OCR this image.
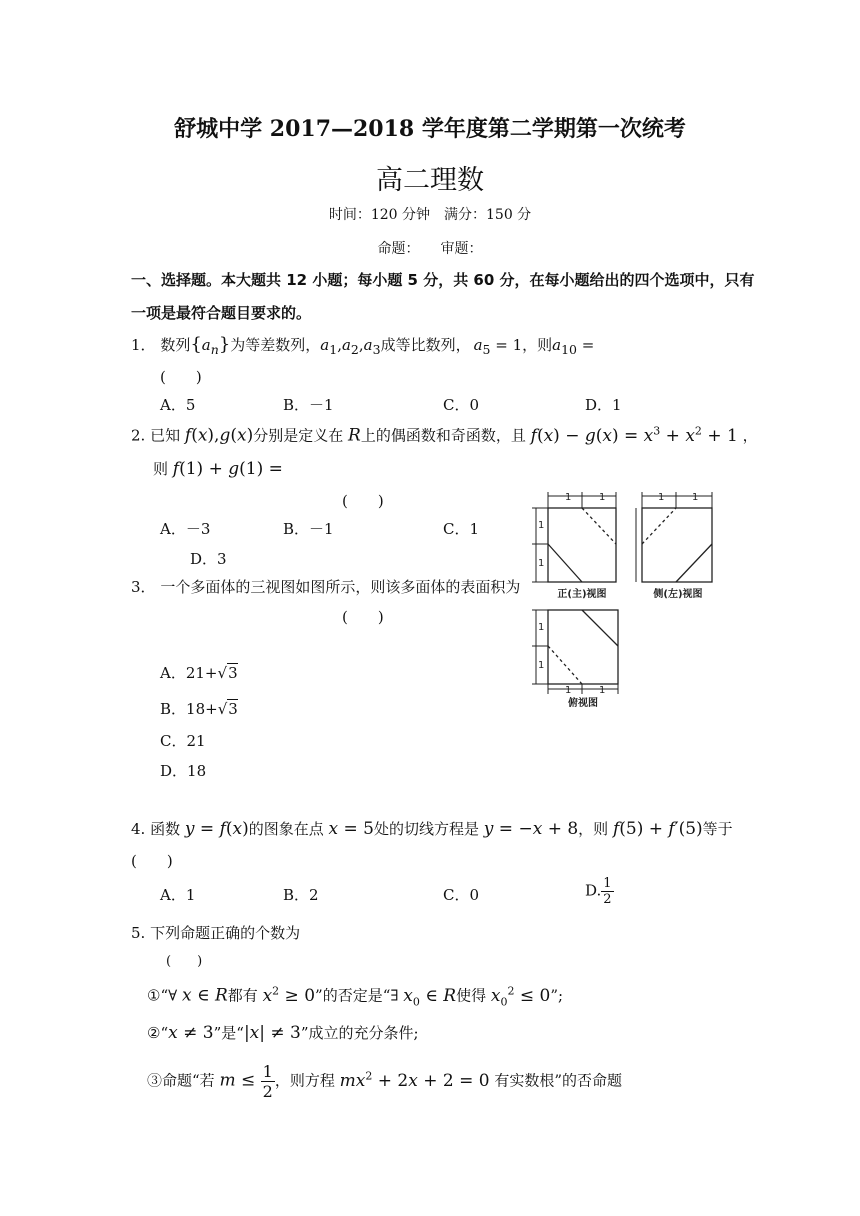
舒城中学 2017—2018 学年度第二学期第一次统考
高二理数
时间：120 分钟　满分：150 分
命题：　　审题：
一、选择题。本大题共 12 小题；每小题 5 分，共 60 分，在每小题给出的四个选项中，只有
一项是最符合题目要求的。
1． 数列$\{a_n\}$为等差数列，$a_1,a_2,a_3$成等比数列，  $a_5 = 1$，则$a_{10}$ =
(　　)
A．5	B．－1	C．0	D．1
2. 已知 f(x),g(x)分别是定义在 R上的偶函数和奇函数，且 $f(x) - g(x) = x^3 + x^2 + 1$ ，
则 f(1) + g(1) =
(　　)
A．－3	B．－1	C．1
D．3
3． 一个多面体的三视图如图所示，则该多面体的表面积为
(　　)
A．21+√3
B．18+√3
C．21
D．18
1	1
1
1
正(主)视图
1	1
侧(左)视图
1
1
1	1
俯视图
4. 函数 y = f(x)的图象在点 x = 5处的切线方程是 y = −x + 8，则 f(5) + f′(5)等于
(　　)
A．1	B．2	C．0	D. $\frac{1}{2}$
5. 下列命题正确的个数为
(　　)
①“∀ x ∈ R都有 $x^2 \ge 0$”的否定是“∃ $x_0$ ∈ R使得 $x_0^2 \le 0$”;
②“x ≠ 3”是“|x| ≠ 3”成立的充分条件;
③命题“若 $m \le \frac{1}{2}$ ，则方程 $mx^2 + 2x + 2 = 0$ 有实数根”的否命题
